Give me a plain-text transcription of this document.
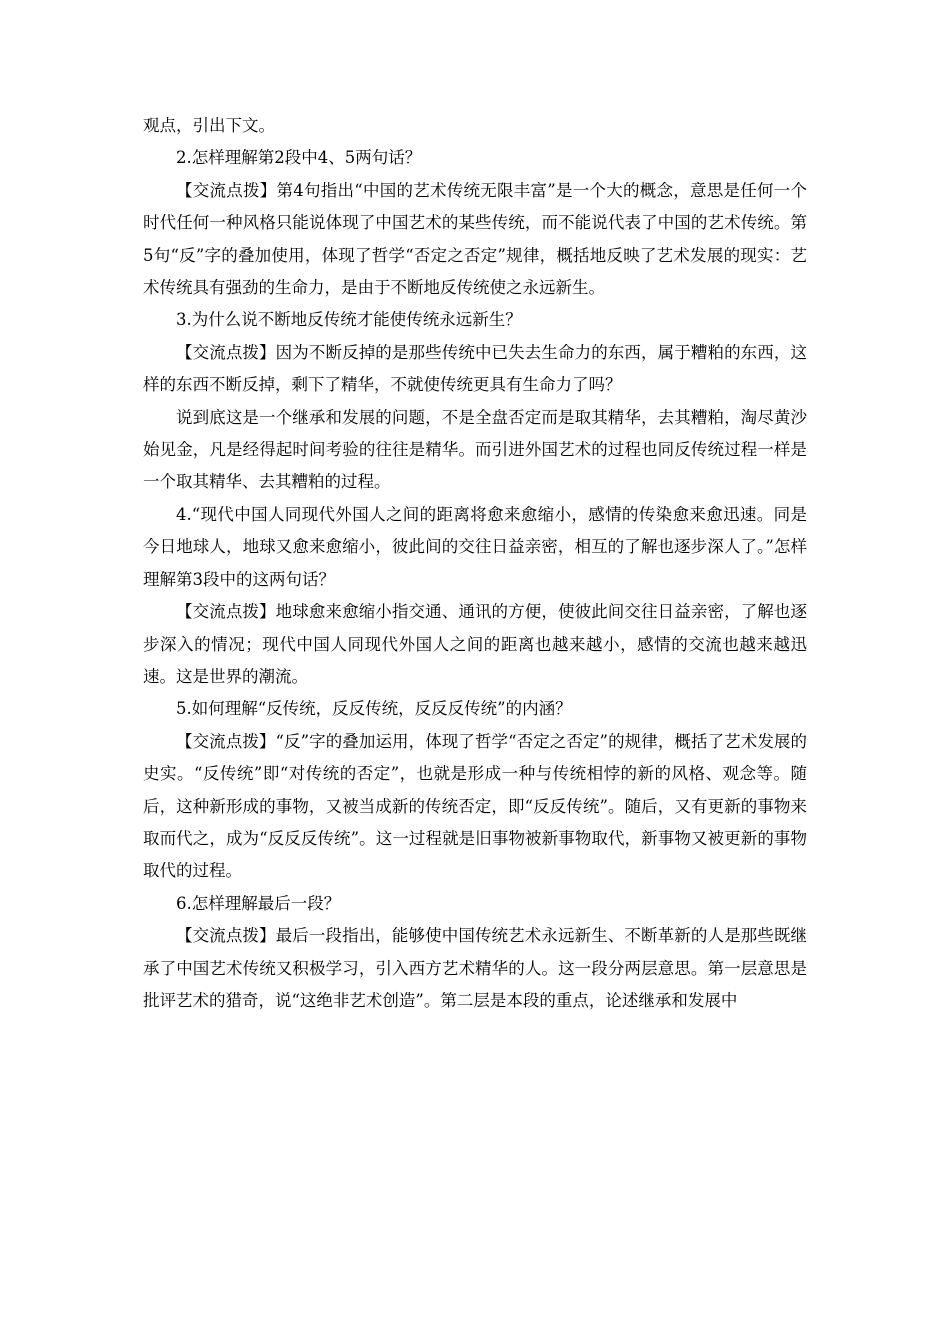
观点，引出下文。

2.怎样理解第2段中4、5两句话？

【交流点拨】第4句指出“中国的艺术传统无限丰富”是一个大的概念，意思是任何一个时代任何一种风格只能说体现了中国艺术的某些传统，而不能说代表了中国的艺术传统。第5句“反”字的叠加使用，体现了哲学“否定之否定”规律，概括地反映了艺术发展的现实：艺术传统具有强劲的生命力，是由于不断地反传统使之永远新生。

3.为什么说不断地反传统才能使传统永远新生？

【交流点拨】因为不断反掉的是那些传统中已失去生命力的东西，属于糟粕的东西，这样的东西不断反掉，剩下了精华，不就使传统更具有生命力了吗？

说到底这是一个继承和发展的问题，不是全盘否定而是取其精华，去其糟粕，淘尽黄沙始见金，凡是经得起时间考验的往往是精华。而引进外国艺术的过程也同反传统过程一样是一个取其精华、去其糟粕的过程。

4.“现代中国人同现代外国人之间的距离将愈来愈缩小，感情的传染愈来愈迅速。同是今日地球人，地球又愈来愈缩小，彼此间的交往日益亲密，相互的了解也逐步深人了。”怎样理解第3段中的这两句话？

【交流点拨】地球愈来愈缩小指交通、通讯的方便，使彼此间交往日益亲密，了解也逐步深入的情况；现代中国人同现代外国人之间的距离也越来越小，感情的交流也越来越迅速。这是世界的潮流。

5.如何理解“反传统，反反传统，反反反传统”的内涵？

【交流点拨】“反”字的叠加运用，体现了哲学“否定之否定”的规律，概括了艺术发展的史实。“反传统”即“对传统的否定”，也就是形成一种与传统相悖的新的风格、观念等。随后，这种新形成的事物，又被当成新的传统否定，即“反反传统”。随后，又有更新的事物来取而代之，成为“反反反传统”。这一过程就是旧事物被新事物取代，新事物又被更新的事物取代的过程。

6.怎样理解最后一段？

【交流点拨】最后一段指出，能够使中国传统艺术永远新生、不断革新的人是那些既继承了中国艺术传统又积极学习，引入西方艺术精华的人。这一段分两层意思。第一层意思是批评艺术的猎奇，说“这绝非艺术创造”。第二层是本段的重点，论述继承和发展中
